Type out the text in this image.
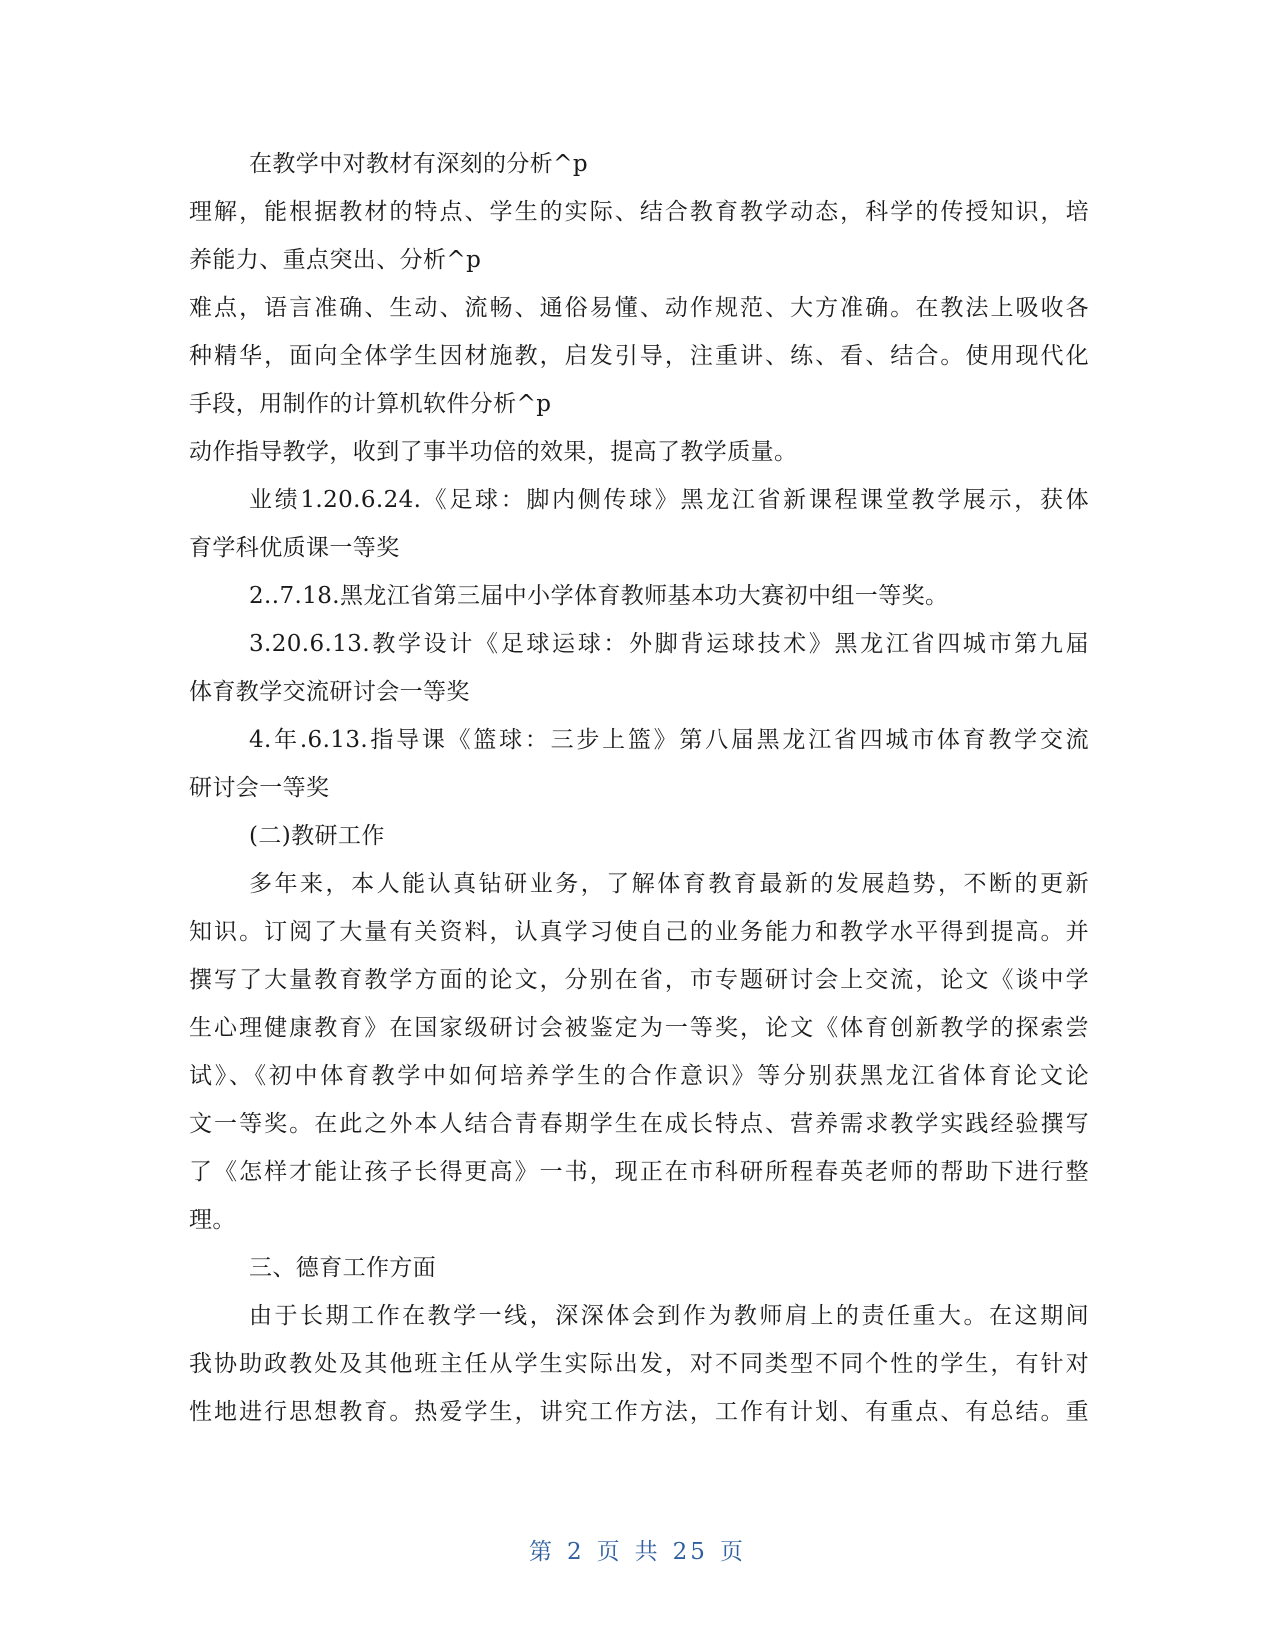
在教学中对教材有深刻的分析^p
理解，能根据教材的特点、学生的实际、结合教育教学动态，科学的传授知识，培
养能力、重点突出、分析^p
难点，语言准确、生动、流畅、通俗易懂、动作规范、大方准确。在教法上吸收各
种精华，面向全体学生因材施教，启发引导，注重讲、练、看、结合。使用现代化
手段，用制作的计算机软件分析^p
动作指导教学，收到了事半功倍的效果，提高了教学质量。
业绩1.20.6.24.《足球：脚内侧传球》黑龙江省新课程课堂教学展示，获体
育学科优质课一等奖
2..7.18.黑龙江省第三届中小学体育教师基本功大赛初中组一等奖。
3.20.6.13.教学设计《足球运球：外脚背运球技术》黑龙江省四城市第九届
体育教学交流研讨会一等奖
4.年.6.13.指导课《篮球：三步上篮》第八届黑龙江省四城市体育教学交流
研讨会一等奖
(二)教研工作
多年来，本人能认真钻研业务，了解体育教育最新的发展趋势，不断的更新
知识。订阅了大量有关资料，认真学习使自己的业务能力和教学水平得到提高。并
撰写了大量教育教学方面的论文，分别在省，市专题研讨会上交流，论文《谈中学
生心理健康教育》在国家级研讨会被鉴定为一等奖，论文《体育创新教学的探索尝
试》、《初中体育教学中如何培养学生的合作意识》等分别获黑龙江省体育论文论
文一等奖。在此之外本人结合青春期学生在成长特点、营养需求教学实践经验撰写
了《怎样才能让孩子长得更高》一书，现正在市科研所程春英老师的帮助下进行整
理。
三、德育工作方面
由于长期工作在教学一线，深深体会到作为教师肩上的责任重大。在这期间
我协助政教处及其他班主任从学生实际出发，对不同类型不同个性的学生，有针对
性地进行思想教育。热爱学生，讲究工作方法，工作有计划、有重点、有总结。重
第 2 页 共 25 页
